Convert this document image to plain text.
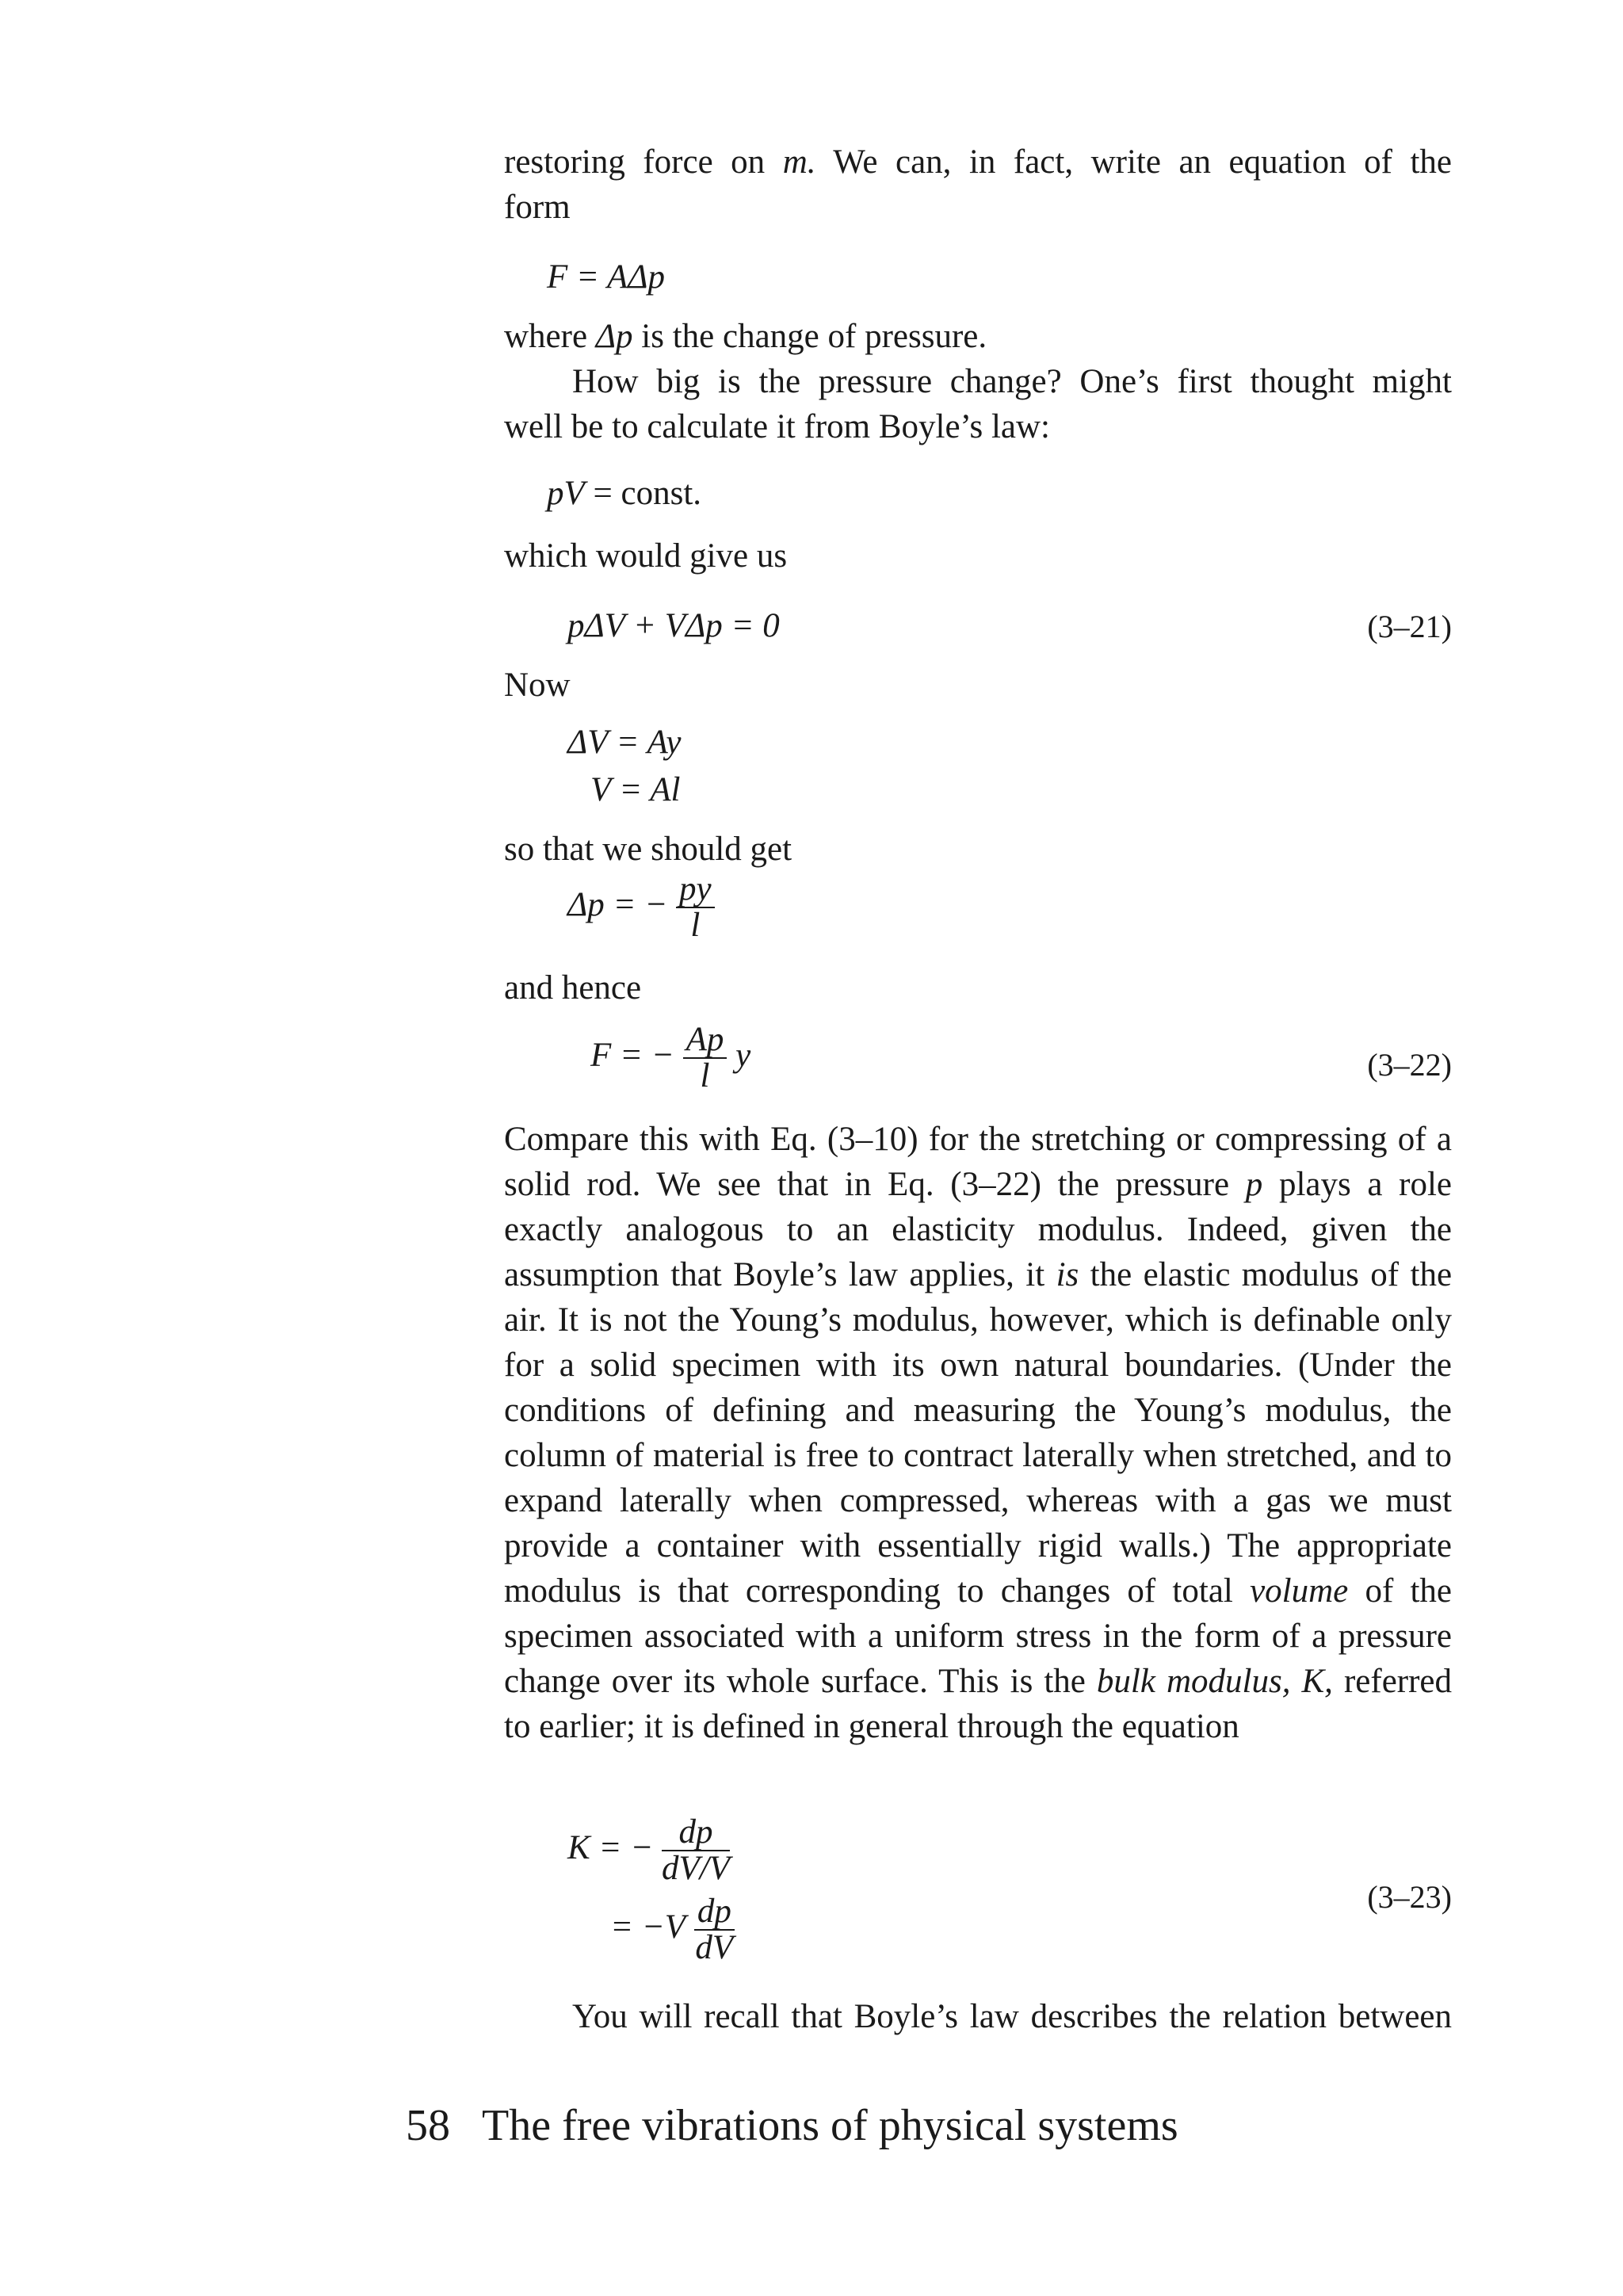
restoring force on m. We can, in fact, write an equation of the
form
F = AΔp
where Δp is the change of pressure.
How big is the pressure change? One’s first thought might
well be to calculate it from Boyle’s law:
pV = const.
which would give us
pΔV + VΔp = 0	(3–21)
Now
ΔV = Ay
V = Al
so that we should get
Δp = − $\frac{py}{l}$
and hence
F = − $\frac{Ap}{l}$ y	(3–22)
Compare this with Eq. (3–10) for the stretching or compressing of a solid rod. We see that in Eq. (3–22) the pressure p plays a role exactly analogous to an elasticity modulus. Indeed, given the assumption that Boyle’s law applies, it is the elastic modulus of the air. It is not the Young’s modulus, however, which is definable only for a solid specimen with its own natural boundaries. (Under the conditions of defining and measuring the Young’s modulus, the column of material is free to contract laterally when stretched, and to expand laterally when compressed, whereas with a gas we must provide a container with essentially rigid walls.) The appropriate modulus is that corresponding to changes of total volume of the specimen associated with a uniform stress in the form of a pressure change over its whole surface. This is the bulk modulus, K, referred to earlier; it is defined in general through the equation
K = − $\frac{dp}{dV/V}$
= $-V \frac{dp}{dV}$	(3–23)
You will recall that Boyle’s law describes the relation between
58 The free vibrations of physical systems
